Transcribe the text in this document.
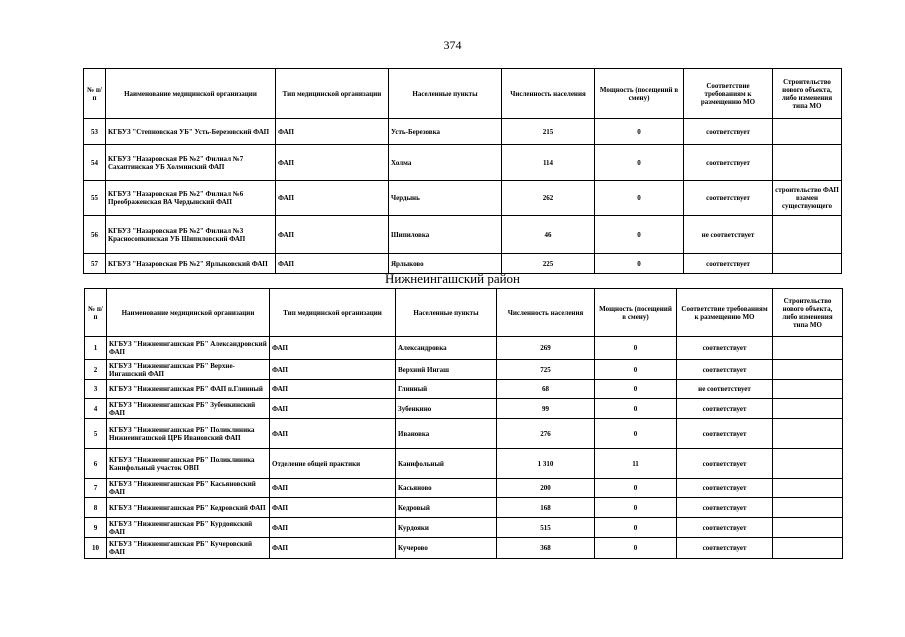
374
№ п/п	Наименование медицинской организации	Тип медицинской организации	Населенные пункты	Численность населения	Мощность (посещений в смену)	Соответствие требованиям к размещению МО	Строительство нового объекта, либо изменения типа МО
53	КГБУЗ "Степновская УБ" Усть-Березовский ФАП	ФАП	Усть-Березовка	215	0	соответствует	
54	КГБУЗ "Назаровская РБ №2" Филиал №7 Сахаптинская УБ Холминский ФАП	ФАП	Холма	114	0	соответствует	
55	КГБУЗ "Назаровская РБ №2" Филиал №6 Преображенская ВА Чердынский ФАП	ФАП	Чердынь	262	0	соответствует	строительство ФАП взамен существующего
56	КГБУЗ "Назаровская РБ №2" Филиал №3 Красносопкинская УБ Шипиловский ФАП	ФАП	Шипиловка	46	0	не соответствует	
57	КГБУЗ "Назаровская РБ №2" Ярлыковский ФАП	ФАП	Ярлыково	225	0	соответствует	
Нижнеингашский район
№ п/п	Наименование медицинской организации	Тип медицинской организации	Населенные пункты	Численность населения	Мощность (посещений в смену)	Соответствие требованиям к размещению МО	Строительство нового объекта, либо изменения типа МО
1	КГБУЗ "Нижнеингашская РБ" Александровский ФАП	ФАП	Александровка	269	0	соответствует	
2	КГБУЗ "Нижнеингашская РБ" Верхне-Ингашский ФАП	ФАП	Верхний Ингаш	725	0	соответствует	
3	КГБУЗ "Нижнеингашская РБ" ФАП п.Глинный	ФАП	Глинный	68	0	не соответствует	
4	КГБУЗ "Нижнеингашская РБ" Зубенкинский ФАП	ФАП	Зубенкино	99	0	соответствует	
5	КГБУЗ "Нижнеингашская РБ" Поликлиника Нижнеингашской ЦРБ Ивановский ФАП	ФАП	Ивановка	276	0	соответствует	
6	КГБУЗ "Нижнеингашская РБ" Поликлиника Канифольный участок ОВП	Отделение общей практики	Канифольный	1 310	11	соответствует	
7	КГБУЗ "Нижнеингашская РБ" Касьяновский ФАП	ФАП	Касьяново	200	0	соответствует	
8	КГБУЗ "Нижнеингашская РБ" Кедровский ФАП	ФАП	Кедровый	168	0	соответствует	
9	КГБУЗ "Нижнеингашская РБ" Курдоякский ФАП	ФАП	Курдояки	515	0	соответствует	
10	КГБУЗ "Нижнеингашская РБ" Кучеровский ФАП	ФАП	Кучерово	368	0	соответствует	
